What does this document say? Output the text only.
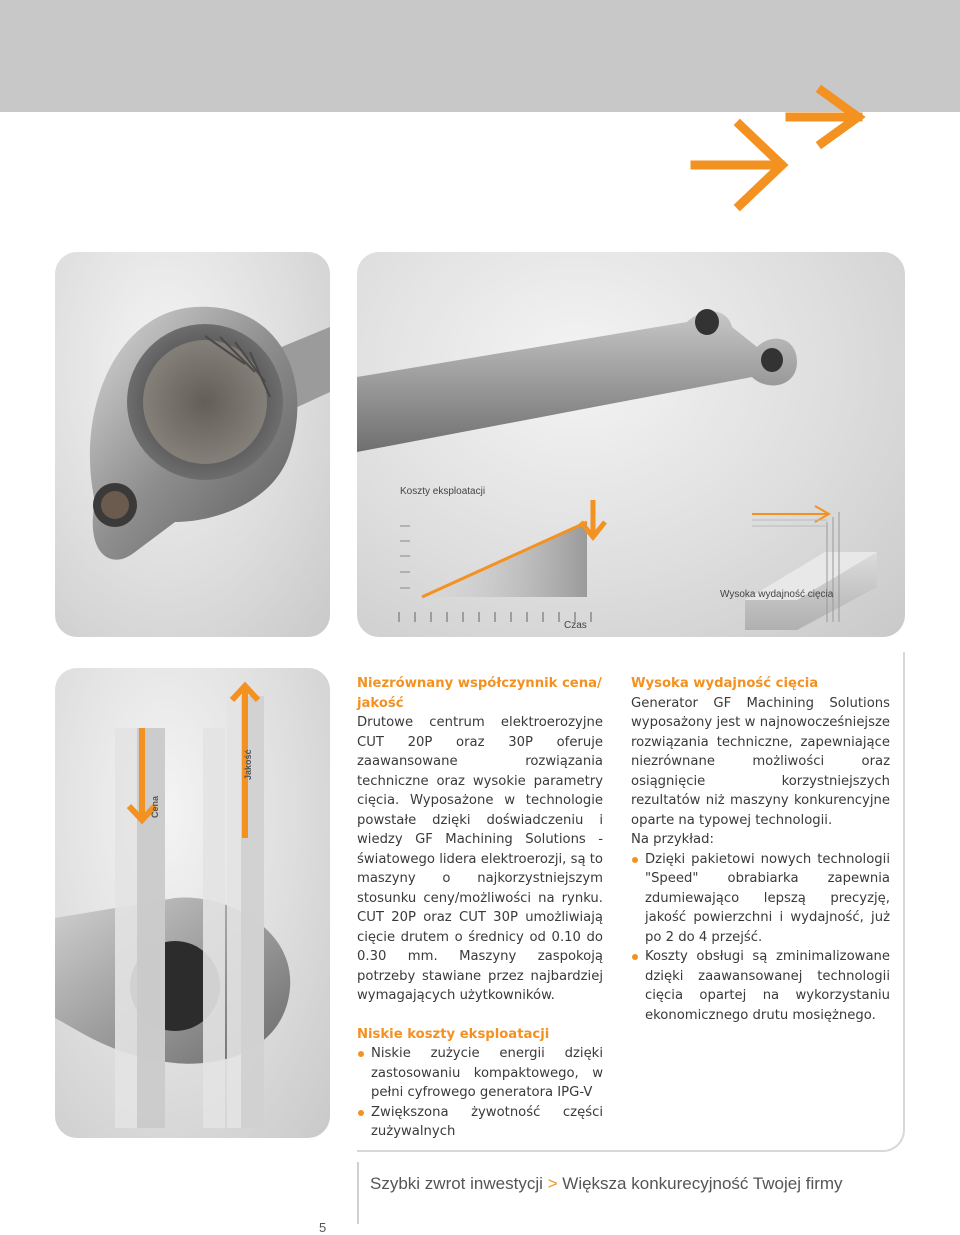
Koszty eksploatacji
Czas
Wysoka wydajność cięcia
Cena
Jakość
Niezrównany współczynnik cena/
jakość

Drutowe centrum elektroerozyjne CUT 20P oraz 30P oferuje zaawansowane rozwiązania techniczne oraz wysokie parametry cięcia. Wyposażone w technologie powstałe dzięki doświadczeniu i wiedzy GF Machining Solutions - światowego lidera elektroerozji, są to maszyny o najkorzystniejszym stosunku ceny/możliwości na rynku. CUT 20P oraz CUT 30P umożliwiają cięcie drutem o średnicy od 0.10 do 0.30 mm. Maszyny zaspokoją potrzeby stawiane przez najbardziej wymagających użytkowników.

Niskie koszty eksploatacji
Niskie zużycie energii dzięki zastosowaniu kompaktowego, w pełni cyfrowego generatora IPG-V
Zwiększona żywotność części zużywalnych
Wysoka wydajność cięcia

Generator GF Machining Solutions wyposażony jest w najnowocześniejsze rozwiązania techniczne, zapewniające niezrównane możliwości oraz osiągnięcie korzystniejszych rezultatów niż maszyny konkurencyjne oparte na typowej technologii.

Na przykład:

Dzięki pakietowi nowych technologii "Speed" obrabiarka zapewnia zdumiewająco lepszą precyzję, jakość powierzchni i wydajność, już po 2 do 4 przejść.
Koszty obsługi są zminimalizowane dzięki zaawansowanej technologii cięcia opartej na wykorzystaniu ekonomicznego drutu mosiężnego.
Szybki zwrot inwestycji > Większa konkurecyjność Twojej firmy
5
